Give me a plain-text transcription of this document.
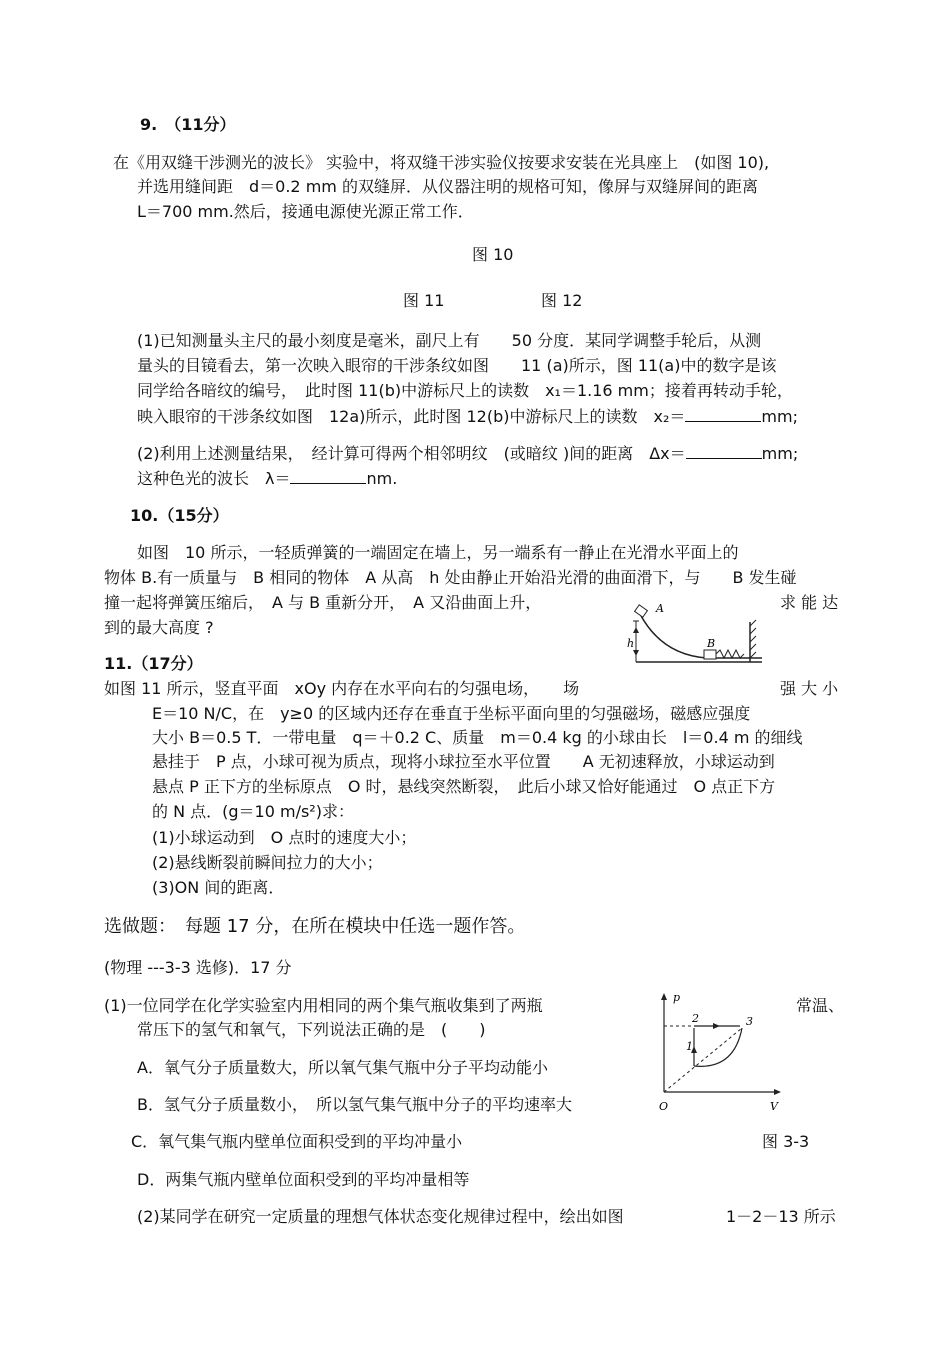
9.　（11分）
在《用双缝干涉测光的波长》 实验中，将双缝干涉实验仪按要求安装在光具座上　(如图 10),
并选用缝间距　d＝0.2 mm 的双缝屏．从仪器注明的规格可知，像屏与双缝屏间的距离
L＝700 mm.然后，接通电源使光源正常工作．
图 10
图 11	图 12
(1)已知测量头主尺的最小刻度是毫米，副尺上有　　50 分度．某同学调整手轮后，从测
量头的目镜看去，第一次映入眼帘的干涉条纹如图　　11 (a)所示，图 11(a)中的数字是该
同学给各暗纹的编号，　此时图 11(b)中游标尺上的读数　x₁＝1.16 mm；接着再转动手轮，
映入眼帘的干涉条纹如图　12a)所示，此时图 12(b)中游标尺上的读数　x₂＝	mm;
(2)利用上述测量结果，　经计算可得两个相邻明纹　(或暗纹 )间的距离　Δx＝	mm;
这种色光的波长　λ＝	nm.
10.（15分）
如图　10 所示，一轻质弹簧的一端固定在墙上，另一端系有一静止在光滑水平面上的
物体 B.有一质量与　B 相同的物体　A 从高　h 处由静止开始沿光滑的曲面滑下，与　　B 发生碰
撞一起将弹簧压缩后，　A 与 B 重新分开，　A 又沿曲面上升，	求 能 达
到的最大高度 ?
A
h	B
11.（17分）
如图 11 所示，竖直平面　xOy 内存在水平向右的匀强电场，　　场	强 大 小
E＝10 N/C，在　y≥0 的区域内还存在垂直于坐标平面向里的匀强磁场，磁感应强度
大小 B＝0.5 T．一带电量　q＝＋0.2 C、质量　m＝0.4 kg 的小球由长　l＝0.4 m 的细线
悬挂于　P 点，小球可视为质点，现将小球拉至水平位置　　A 无初速释放，小球运动到
悬点 P 正下方的坐标原点　O 时，悬线突然断裂，　此后小球又恰好能通过　O 点正下方
的 N 点．(g＝10 m/s²)求：
(1)小球运动到　O 点时的速度大小；
(2)悬线断裂前瞬间拉力的大小；
(3)ON 间的距离．
选做题：　每题 17 分，在所在模块中任选一题作答。
(物理 ---3-3 选修)．17 分
(1)一位同学在化学实验室内用相同的两个集气瓶收集到了两瓶	常温、
常压下的氢气和氧气，下列说法正确的是　(　　)
A．氧气分子质量数大，所以氧气集气瓶中分子平均动能小
B．氢气分子质量数小，　所以氢气集气瓶中分子的平均速率大
C．氧气集气瓶内壁单位面积受到的平均冲量小	图 3-3
D．两集气瓶内壁单位面积受到的平均冲量相等
(2)某同学在研究一定质量的理想气体状态变化规律过程中，绘出如图	1－2－13 所示
p
V
O
1
2	3
